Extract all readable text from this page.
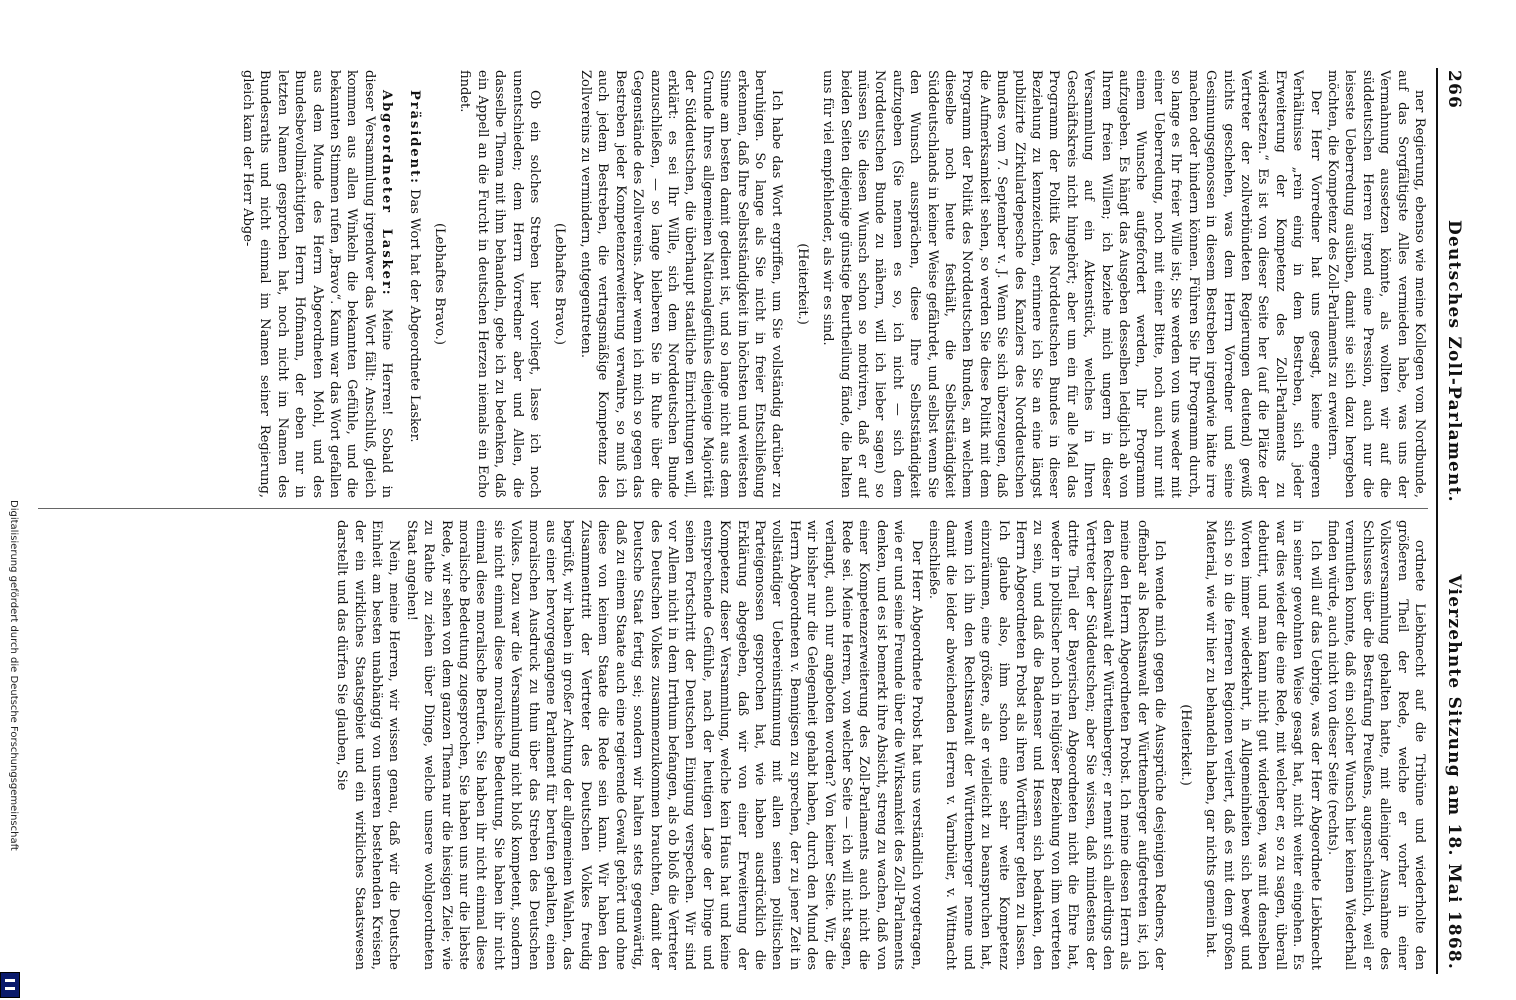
266
Deutsches Zoll-Parlament.
Vierzehnte Sitzung am 18. Mai 1868.

ner Regierung, ebenso wie meine Kollegen vom Nordbunde, auf das Sorgfältigste Alles vermieden habe, was uns der Vermahnung aussetzen könnte, als wollten wir auf die süddeutschen Herren irgend eine Pression, auch nur die leiseste Ueberredung ausüben, damit sie sich dazu hergeben möchten, die Kompetenz des Zoll-Parlaments zu erweitern.

Der Herr Vorredner hat uns gesagt, keine engeren Verhältnisse „rein einig in dem Bestreben, sich jeder Erweiterung der Kompetenz des Zoll-Parlaments zu widersetzen.“ Es ist von dieser Seite her (auf die Plätze der Vertreter der zollverbündeten Regierungen deutend) gewiß nichts geschehen, was dem Herrn Vorredner und seine Gesinnungsgenossen in diesem Bestreben irgendwie hätte irre machen oder hindern können. Führen Sie Ihr Programm durch, so lange es Ihr freier Wille ist; Sie werden von uns weder mit einer Ueberredung, noch mit einer Bitte, noch auch nur mit einem Wunsche aufgefordert werden, Ihr Programm aufzugeben. Es hängt das Ausgeben desselben lediglich ab von Ihrem freien Willen; ich beziehe mich ungern in dieser Versammlung auf ein Aktenstück, welches in Ihren Geschäftskreis nicht hingehört; aber um ein für alle Mal das Programm der Politik des Norddeutschen Bundes in dieser Beziehung zu kennzeichnen, erinnere ich Sie an eine längst publizirte Zirkulardepesche des Kanzlers des Norddeutschen Bundes vom 7. September v. J. Wenn Sie sich überzeugen, daß die Aufmerksamkeit sehen, so werden Sie diese Politik mit dem Programm der Politik des Norddeutschen Bundes, an welchem dieselbe noch heute festhält, die Selbstständigkeit Süddeutschlands in keiner Weise gefährdet, und selbst wenn Sie den Wunsch aussprächen, diese Ihre Selbstständigkeit aufzugeben (Sie nennen es so, ich nicht — sich dem Norddeutschen Bunde zu nähern, will ich lieber sagen) so müssen Sie diesen Wunsch schon so motiviren, daß er auf beiden Seiten diejenige günstige Beurtheilung fände, die halten uns für viel empfehlender, als wir es sind.

(Heiterkeit.)

Ich habe das Wort ergriffen, um Sie vollständig darüber zu beruhigen. So lange als Sie nicht in freier Entschließung erkennen, daß Ihre Selbstständigkeit im höchsten und weitesten Sinne am besten damit gedient ist, und so lange nicht aus dem Grunde Ihres allgemeinen Nationalgefühles diejenige Majorität der Süddeutschen, die überhaupt staatliche Einrichtungen will, erklärt: es sei Ihr Wille, sich dem Norddeutschen Bunde anzuschließen, — so lange bleiberen Sie in Ruhe über die Gegenstände des Zollvereins. Aber wenn ich mich so gegen das Bestreben jeder Kompetenzerweiterung verwahre, so muß ich auch jedem Bestreben, die vertragsmäßige Kompetenz des Zollvereins zu vermindern, entgegentreten.

(Lebhaftes Bravo.)

Ob ein solches Streben hier vorliegt, lasse ich noch unentschieden; dem Herrn Vorredner aber und Allen, die dasselbe Thema mit ihm behandeln, gebe ich zu bedenken, daß ein Appell an die Furcht in deutschen Herzen niemals ein Echo findet.

(Lebhaftes Bravo.)

Präsident: Das Wort hat der Abgeordnete Lasker.

Abgeordneter Lasker: Meine Herren! Sobald in dieser Versammlung irgendwer das Wort fällt: Anschluß, gleich kommen aus allen Winkeln die bekannten Gefühle, und die bekannten Stimmen rufen „Bravo“. Kaum war das Wort gefallen aus dem Munde des Herrn Abgeordneten Mohl, und des Bundesbevollmächtigten Herrn Hofmann, der eben nur in letzten Namen gesprochen hat, noch nicht im Namen des Bundesraths und nicht einmal im Namen seiner Regierung, gleich kam der Herr Abge-

ordnete Liebknecht auf die Tribüne und wiederholte den größeren Theil der Rede, welche er vorher in einer Volksversammlung gehalten hatte, mit alleiniger Ausnahme des Schlusses über die Bestrafung Preußens, augenscheinlich, weil er vermuthen konnte, daß ein solcher Wunsch hier keinen Wiederhall finden würde, auch nicht von dieser Seite (rechts).

Ich will auf das Uebrige, was der Herr Abgeordnete Liebknecht in seiner gewohnten Weise gesagt hat, nicht weiter eingehen. Es war dies wieder die eine Rede, mit welcher er, so zu sagen, überall debutirt, und man kann nicht gut widerlegen, was mit denselben Worten immer wiederkehrt, in Allgemeinheiten sich bewegt und sich so in die ferneren Regionen verliert, daß es mit dem großen Material, wie wir hier zu behandeln haben, gar nichts gemein hat.

(Heiterkeit.)

Ich wende mich gegen die Aussprüche desjenigen Redners, der offenbar als Rechtsanwalt der Württemberger aufgetreten ist, ich meine den Herrn Abgeordneten Probst. Ich meine diesen Herrn als den Rechtsanwalt der Württemberger; er nennt sich allerdings den Vertreter der Süddeutschen; aber Sie wissen, daß mindestens der dritte Theil der Bayerischen Abgeordneten nicht die Ehre hat, weder in politischer noch in religiöser Beziehung von ihm vertreten zu sein, und daß die Badenser und Hessen sich bedanken, den Herrn Abgeordneten Probst als ihren Wortführer gelten zu lassen. Ich glaube also, ihm schon eine sehr weite Kompetenz einzuräumen, eine größere, als er vielleicht zu beanspruchen hat, wenn ich ihn den Rechtsanwalt der Württemberger nenne und damit die leider abweichenden Herren v. Varnbüler, v. Wittnacht einschließe.

Der Herr Abgeordnete Probst hat uns verständlich vorgetragen, wie er und seine Freunde über die Wirksamkeit des Zoll-Parlaments denken, und es ist bemerkt ihre Absicht, streng zu wachen, daß von einer Kompetenzerweiterung des Zoll-Parlaments auch nicht die Rede sei. Meine Herren, von welcher Seite — ich will nicht sagen, verlangt, auch nur angeboten worden? Von keiner Seite. Wir, die wir bisher nur die Gelegenheit gehabt haben, durch den Mund des Herrn Abgeordneten v. Bennigsen zu sprechen, der zu jener Zeit in vollständiger Uebereinstimmung mit allen seinen politischen Parteigenossen gesprochen hat, wie haben ausdrücklich die Erklärung abgegeben, daß wir von einer Erweiterung der Kompetenz dieser Versammlung, welche kein Haus hat und keine entsprechende Gefühle, nach der heutigen Lage der Dinge und seinen Fortschritt der Deutschen Einigung verspechen. Wir sind vor Allem nicht in dem Irrthum befangen, als ob bloß die Vertreter des Deutschen Volkes zusammenzukommen brauchten, damit der Deutsche Staat fertig sei; sondern wir halten stets gegenwärtig, daß zu einem Staate auch eine regierende Gewalt gehört und ohne diese von keinem Staate die Rede sein kann. Wir haben den Zusammentritt der Vertreter des Deutschen Volkes freudig begrüßt, wir haben in großer Achtung der allgemeinen Wahlen, das aus einer hervorgegangene Parlament für berufen gehalten, einen moralischen Ausdruck zu thun über das Streben des Deutschen Volkes. Dazu war die Versammlung nicht bloß kompetent, sondern sie nicht einmal diese moralische Bedeutung, Sie haben ihr nicht einmal diese moralische Berufen. Sie haben ihr nicht einmal diese moralische Bedeutung zugesprochen, Sie haben uns nur die liebste Rede, wir sehen von dem ganzen Thema nur die hiesigen Ziele; wie zu Rathe zu ziehen über Dinge, welche unsere wohlgeordneten Staat angehen!

Nein, meine Herren, wir wissen genau, daß wir die Deutsche Einheit am besten unabhängig von unseren bestehenden Kreisen, der ein wirkliches Staatsgebiet und ein wirkliches Staatswesen darstellt und das dürfen Sie glauben, Sie

Digitalisierung gefördert durch die Deutsche Forschungsgemeinschaft
